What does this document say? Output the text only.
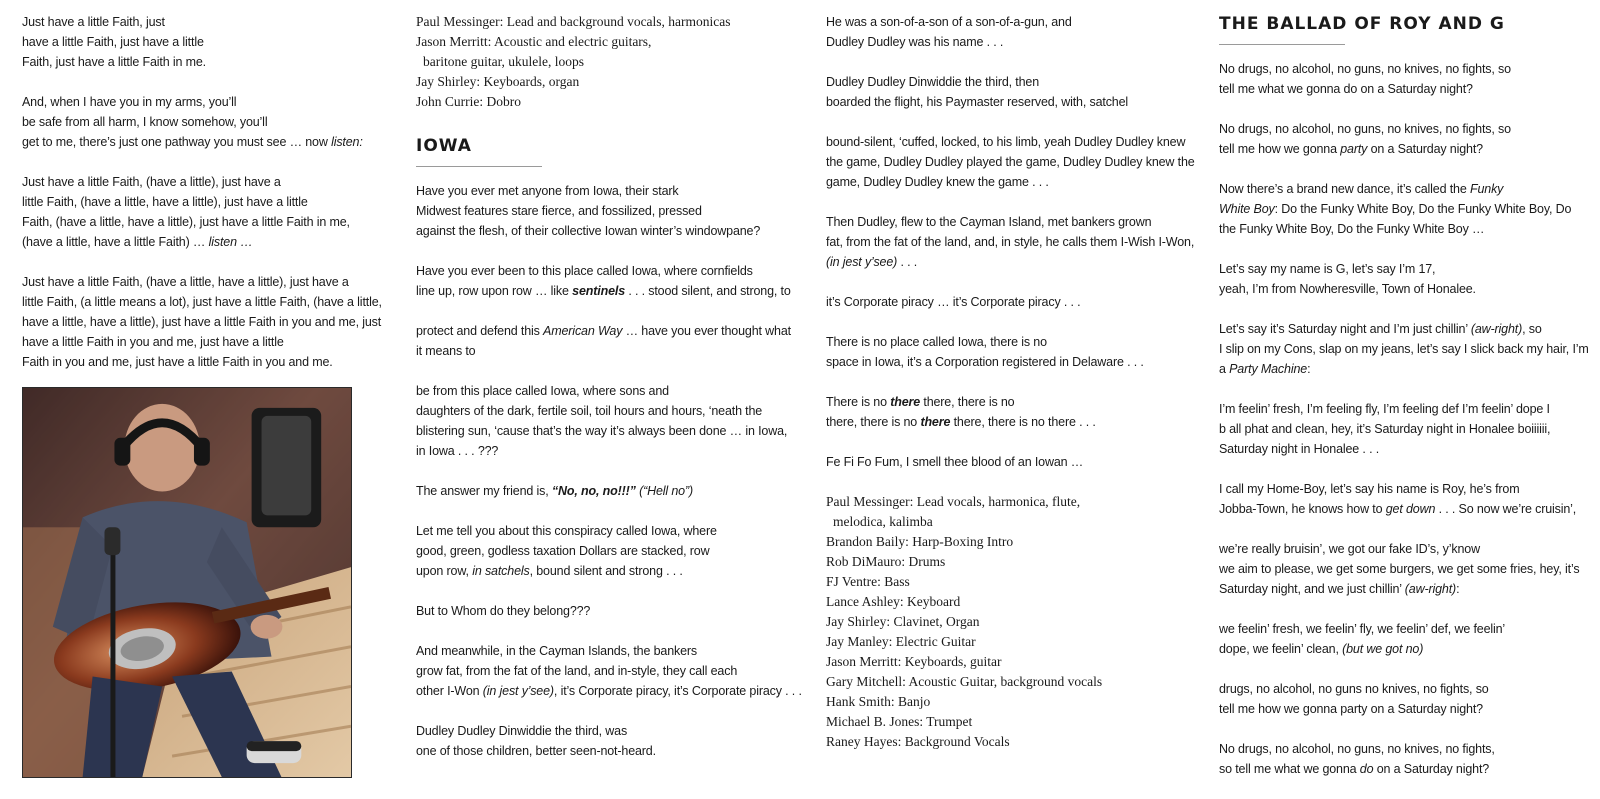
Just have a little Faith, just
have a little Faith, just have a little
Faith, just have a little Faith in me.
And, when I have you in my arms, you’ll
be safe from all harm, I know somehow, you’ll
get to me, there’s just one pathway you must see … now listen:
Just have a little Faith, (have a little), just have a
little Faith, (have a little, have a little), just have a little
Faith, (have a little, have a little), just have a little Faith in me,
(have a little, have a little Faith) … listen …
Just have a little Faith, (have a little, have a little), just have a
little Faith, (a little means a lot), just have a little Faith, (have a little,
have a little, have a little), just have a little Faith in you and me, just
have a little Faith in you and me, just have a little
Faith in you and me, just have a little Faith in you and me.
Paul Messinger: Lead and background vocals, harmonicas
Jason Merritt: Acoustic and electric guitars,
baritone guitar, ukulele, loops
Jay Shirley: Keyboards, organ
John Currie: Dobro
IOWA
Have you ever met anyone from Iowa, their stark
Midwest features stare fierce, and fossilized, pressed
against the flesh, of their collective Iowan winter’s windowpane?
Have you ever been to this place called Iowa, where cornfields
line up, row upon row … like sentinels . . . stood silent, and strong, to
protect and defend this American Way … have you ever thought what
it means to
be from this place called Iowa, where sons and
daughters of the dark, fertile soil, toil hours and hours, ‘neath the
blistering sun, ‘cause that’s the way it’s always been done … in Iowa,
in Iowa . . . ???
The answer my friend is, “No, no, no!!!” (“Hell no”)
Let me tell you about this conspiracy called Iowa, where
good, green, godless taxation Dollars are stacked, row
upon row, in satchels, bound silent and strong . . .
But to Whom do they belong???
And meanwhile, in the Cayman Islands, the bankers
grow fat, from the fat of the land, and in-style, they call each
other I-Won (in jest y’see), it’s Corporate piracy, it’s Corporate piracy . . .
Dudley Dudley Dinwiddie the third, was
one of those children, better seen-not-heard.
He was a son-of-a-son of a son-of-a-gun, and
Dudley Dudley was his name . . .
Dudley Dudley Dinwiddie the third, then
boarded the flight, his Paymaster reserved, with, satchel
bound-silent, ‘cuffed, locked, to his limb, yeah Dudley Dudley knew
the game, Dudley Dudley played the game, Dudley Dudley knew the
game, Dudley Dudley knew the game . . .
Then Dudley, flew to the Cayman Island, met bankers grown
fat, from the fat of the land, and, in style, he calls them I-Wish I-Won,
(in jest y’see) . . .
it’s Corporate piracy … it’s Corporate piracy . . .
There is no place called Iowa, there is no
space in Iowa, it’s a Corporation registered in Delaware . . .
There is no there there, there is no
there, there is no there there, there is no there . . .
Fe Fi Fo Fum, I smell thee blood of an Iowan …
Paul Messinger: Lead vocals, harmonica, flute,
melodica, kalimba
Brandon Baily: Harp-Boxing Intro
Rob DiMauro: Drums
FJ Ventre: Bass
Lance Ashley: Keyboard
Jay Shirley: Clavinet, Organ
Jay Manley: Electric Guitar
Jason Merritt: Keyboards, guitar
Gary Mitchell: Acoustic Guitar, background vocals
Hank Smith: Banjo
Michael B. Jones: Trumpet
Raney Hayes: Background Vocals
THE BALLAD OF ROY AND G
No drugs, no alcohol, no guns, no knives, no fights, so
tell me what we gonna do on a Saturday night?
No drugs, no alcohol, no guns, no knives, no fights, so
tell me how we gonna party on a Saturday night?
Now there’s a brand new dance, it’s called the Funky
White Boy: Do the Funky White Boy, Do the Funky White Boy, Do
the Funky White Boy, Do the Funky White Boy …
Let’s say my name is G, let’s say I’m 17,
yeah, I’m from Nowheresville, Town of Honalee.
Let’s say it’s Saturday night and I’m just chillin’ (aw-right), so
I slip on my Cons, slap on my jeans, let’s say I slick back my hair, I’m
a Party Machine:
I’m feelin’ fresh, I’m feeling fly, I’m feeling def I’m feelin’ dope I
b all phat and clean, hey, it’s Saturday night in Honalee boiiiiii,
Saturday night in Honalee . . .
I call my Home-Boy, let’s say his name is Roy, he’s from
Jobba-Town, he knows how to get down . . . So now we’re cruisin’,
we’re really bruisin’, we got our fake ID’s, y’know
we aim to please, we get some burgers, we get some fries, hey, it’s
Saturday night, and we just chillin’ (aw-right):
we feelin’ fresh, we feelin’ fly, we feelin’ def, we feelin’
dope, we feelin’ clean, (but we got no)
drugs, no alcohol, no guns no knives, no fights, so
tell me how we gonna party on a Saturday night?
No drugs, no alcohol, no guns, no knives, no fights,
so tell me what we gonna do on a Saturday night?
